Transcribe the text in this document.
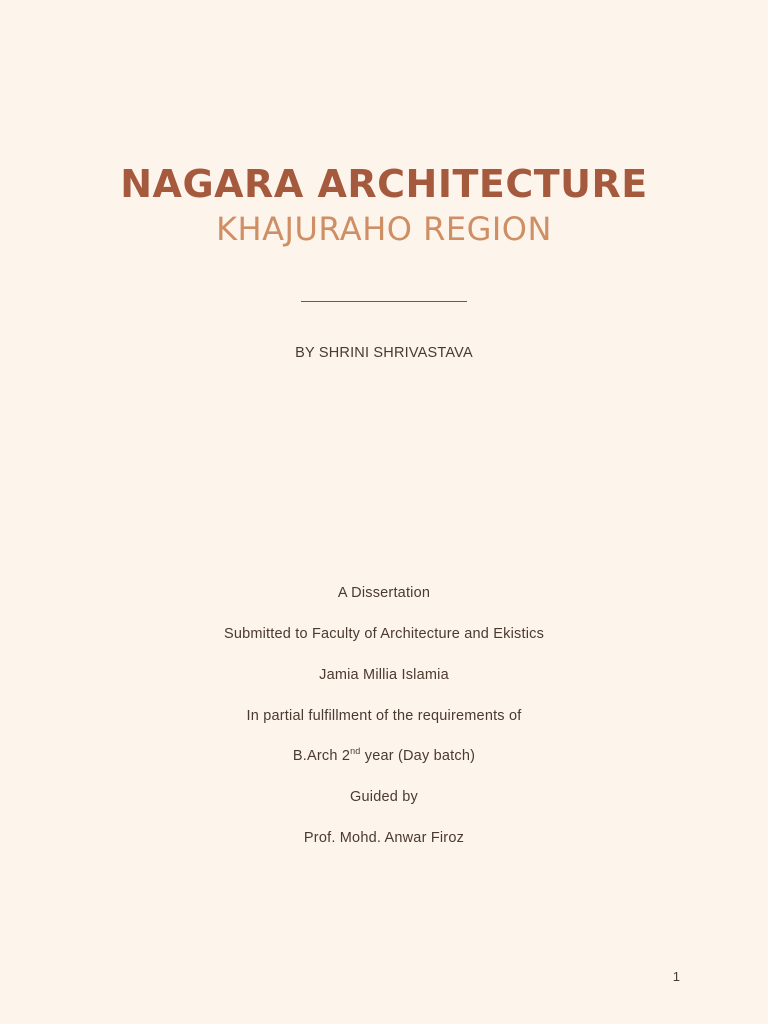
NAGARA ARCHITECTURE
KHAJURAHO REGION
BY SHRINI SHRIVASTAVA
A Dissertation
Submitted to Faculty of Architecture and Ekistics
Jamia Millia Islamia
In partial fulfillment of the requirements of
B.Arch 2nd year (Day batch)
Guided by
Prof. Mohd. Anwar Firoz
1
